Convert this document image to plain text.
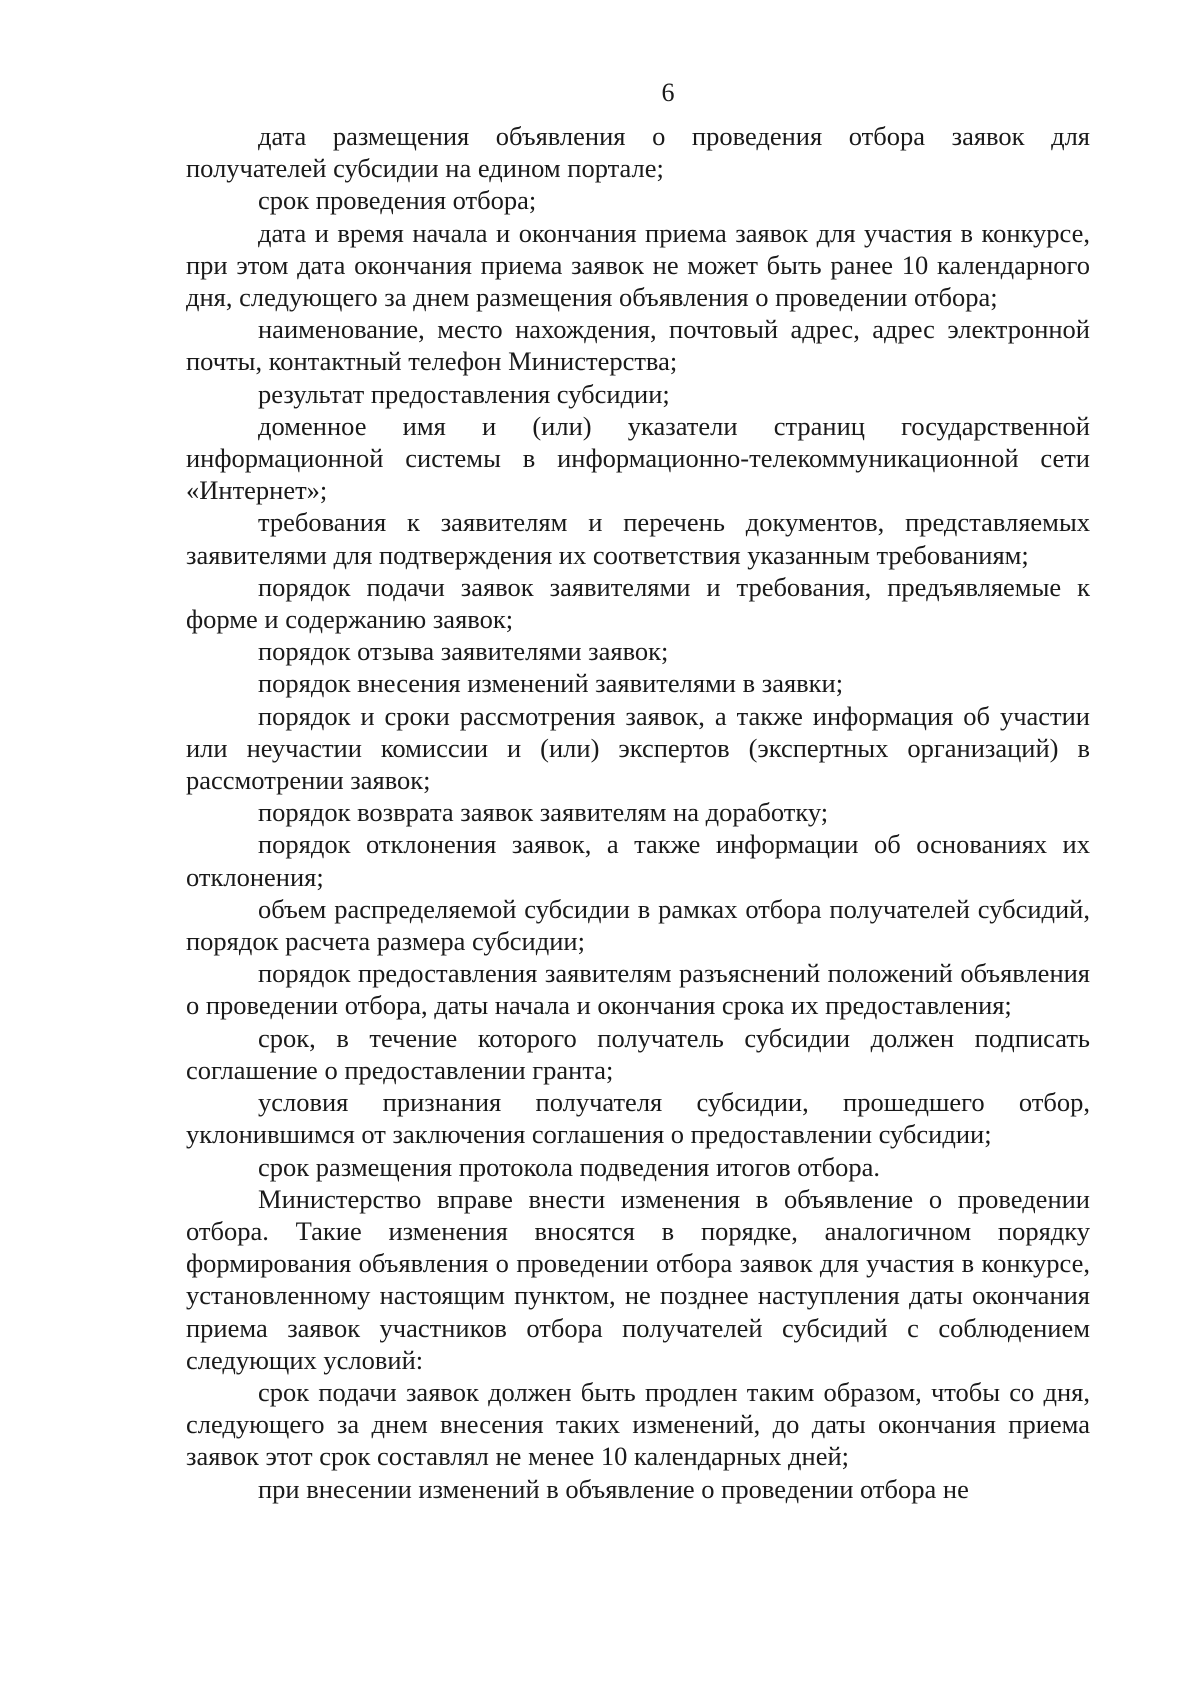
6

дата размещения объявления о проведения отбора заявок для получателей субсидии на едином портале;

срок проведения отбора;

дата и время начала и окончания приема заявок для участия в конкурсе, при этом дата окончания приема заявок не может быть ранее 10 календарного дня, следующего за днем размещения объявления о проведении отбора;

наименование, место нахождения, почтовый адрес, адрес электронной почты, контактный телефон Министерства;

результат предоставления субсидии;

доменное имя и (или) указатели страниц государственной информационной системы в информационно-телекоммуникационной сети «Интернет»;

требования к заявителям и перечень документов, представляемых заявителями для подтверждения их соответствия указанным требованиям;

порядок подачи заявок заявителями и требования, предъявляемые к форме и содержанию заявок;

порядок отзыва заявителями заявок;

порядок внесения изменений заявителями в заявки;

порядок и сроки рассмотрения заявок, а также информация об участии или неучастии комиссии и (или) экспертов (экспертных организаций) в рассмотрении заявок;

порядок возврата заявок заявителям на доработку;

порядок отклонения заявок, а также информации об основаниях их отклонения;

объем распределяемой субсидии в рамках отбора получателей субсидий, порядок расчета размера субсидии;

порядок предоставления заявителям разъяснений положений объявления о проведении отбора, даты начала и окончания срока их предоставления;

срок, в течение которого получатель субсидии должен подписать соглашение о предоставлении гранта;

условия признания получателя субсидии, прошедшего отбор, уклонившимся от заключения соглашения о предоставлении субсидии;

срок размещения протокола подведения итогов отбора.

Министерство вправе внести изменения в объявление о проведении отбора. Такие изменения вносятся в порядке, аналогичном порядку формирования объявления о проведении отбора заявок для участия в конкурсе, установленному настоящим пунктом, не позднее наступления даты окончания приема заявок участников отбора получателей субсидий с соблюдением следующих условий:

срок подачи заявок должен быть продлен таким образом, чтобы со дня, следующего за днем внесения таких изменений, до даты окончания приема заявок этот срок составлял не менее 10 календарных дней;

при внесении изменений в объявление о проведении отбора не
